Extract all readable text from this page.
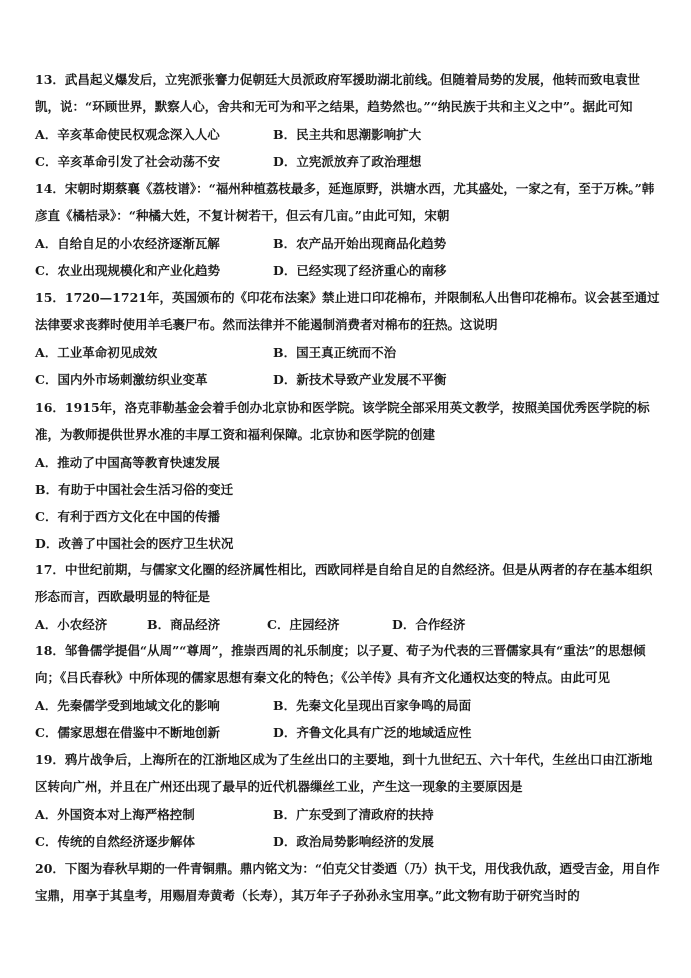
13．武昌起义爆发后，立宪派张謇力促朝廷大员派政府军援助湖北前线。但随着局势的发展，他转而致电袁世凯，说：“环顾世界，默察人心，舍共和无可为和平之结果，趋势然也。”“纳民族于共和主义之中”。据此可知

A．辛亥革命使民权观念深入人心	B．民主共和思潮影响扩大
C．辛亥革命引发了社会动荡不安	D．立宪派放弃了政治理想

14．宋朝时期蔡襄《荔枝谱》：“福州种植荔枝最多，延迤原野，洪塘水西，尤其盛处，一家之有，至于万株。”韩彦直《橘桔录》：“种橘大姓，不复计树若干，但云有几亩。”由此可知，宋朝

A．自给自足的小农经济逐渐瓦解	B．农产品开始出现商品化趋势
C．农业出现规模化和产业化趋势	D．已经实现了经济重心的南移

15．1720—1721年，英国颁布的《印花布法案》禁止进口印花棉布，并限制私人出售印花棉布。议会甚至通过法律要求丧葬时使用羊毛裹尸布。然而法律并不能遏制消费者对棉布的狂热。这说明

A．工业革命初见成效	B．国王真正统而不治
C．国内外市场刺激纺织业变革	D．新技术导致产业发展不平衡

16．1915年，洛克菲勒基金会着手创办北京协和医学院。该学院全部采用英文教学，按照美国优秀医学院的标准，为教师提供世界水准的丰厚工资和福利保障。北京协和医学院的创建

A．推动了中国高等教育快速发展
B．有助于中国社会生活习俗的变迁
C．有利于西方文化在中国的传播
D．改善了中国社会的医疗卫生状况

17．中世纪前期，与儒家文化圈的经济属性相比，西欧同样是自给自足的自然经济。但是从两者的存在基本组织形态而言，西欧最明显的特征是

A．小农经济	B．商品经济	C．庄园经济	D．合作经济

18．邹鲁儒学提倡“从周”“尊周”，推崇西周的礼乐制度；以子夏、荀子为代表的三晋儒家具有“重法”的思想倾向；《吕氏春秋》中所体现的儒家思想有秦文化的特色；《公羊传》具有齐文化通权达变的特点。由此可见

A．先秦儒学受到地域文化的影响	B．先秦文化呈现出百家争鸣的局面
C．儒家思想在借鉴中不断地创新	D．齐鲁文化具有广泛的地域适应性

19．鸦片战争后，上海所在的江浙地区成为了生丝出口的主要地，到十九世纪五、六十年代，生丝出口由江浙地区转向广州，并且在广州还出现了最早的近代机器缫丝工业，产生这一现象的主要原因是

A．外国资本对上海严格控制	B．广东受到了清政府的扶持
C．传统的自然经济逐步解体	D．政治局势影响经济的发展

20．下图为春秋早期的一件青铜鼎。鼎内铭文为：“伯克父甘娄迺（乃）执干戈，用伐我仇敌，迺受吉金，用自作宝鼎，用享于其皇考，用赐眉寿黄耇（长寿），其万年子子孙孙永宝用享。”此文物有助于研究当时的
